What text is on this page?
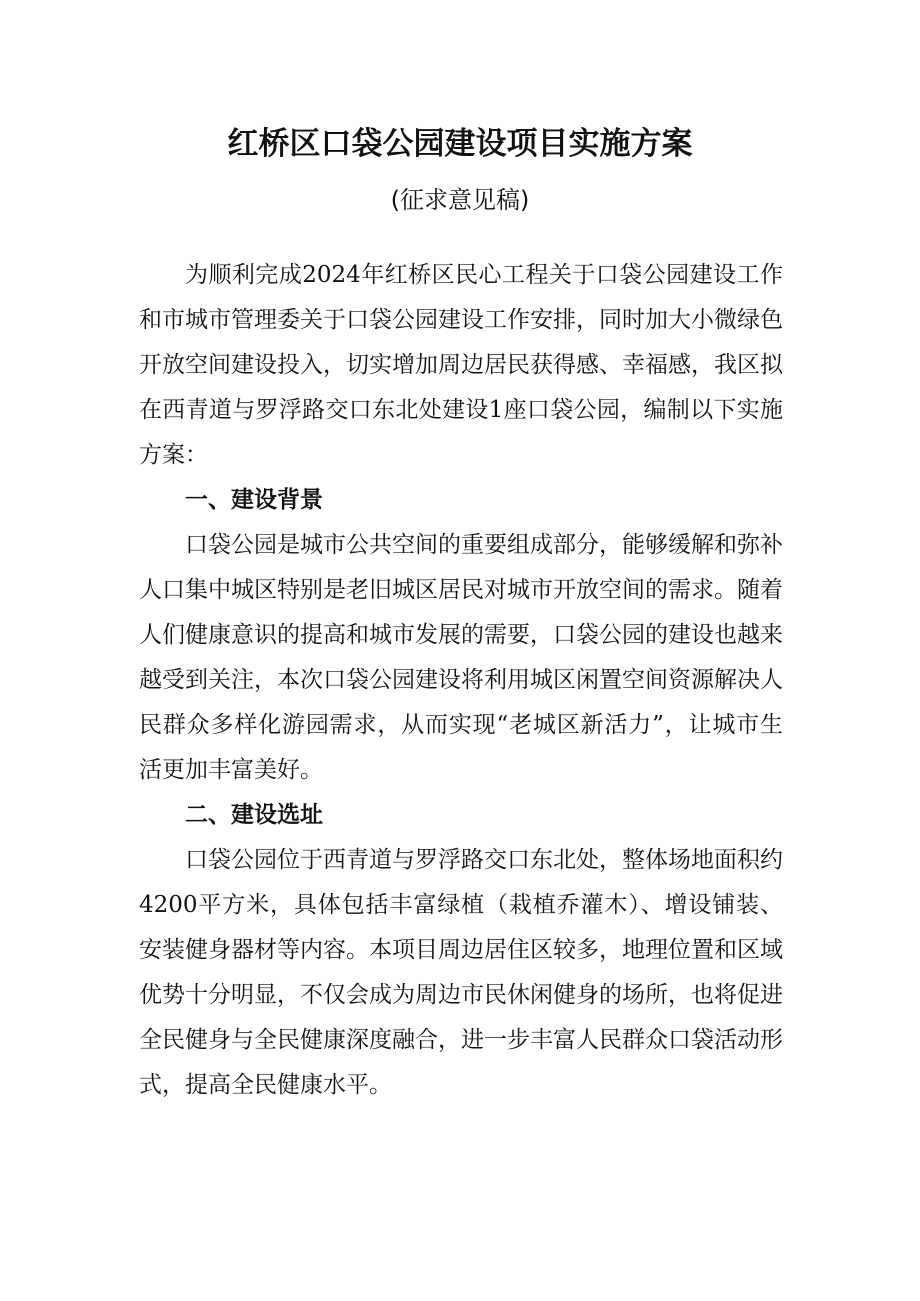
红桥区口袋公园建设项目实施方案
(征求意见稿)

为顺利完成2024年红桥区民心工程关于口袋公园建设工作和市城市管理委关于口袋公园建设工作安排，同时加大小微绿色开放空间建设投入，切实增加周边居民获得感、幸福感，我区拟在西青道与罗浮路交口东北处建设1座口袋公园，编制以下实施方案：

一、建设背景

口袋公园是城市公共空间的重要组成部分，能够缓解和弥补人口集中城区特别是老旧城区居民对城市开放空间的需求。随着人们健康意识的提高和城市发展的需要，口袋公园的建设也越来越受到关注，本次口袋公园建设将利用城区闲置空间资源解决人民群众多样化游园需求，从而实现“老城区新活力”，让城市生活更加丰富美好。

二、建设选址

口袋公园位于西青道与罗浮路交口东北处，整体场地面积约4200平方米，具体包括丰富绿植（栽植乔灌木）、增设铺装、安装健身器材等内容。本项目周边居住区较多，地理位置和区域优势十分明显，不仅会成为周边市民休闲健身的场所，也将促进全民健身与全民健康深度融合，进一步丰富人民群众口袋活动形式，提高全民健康水平。
